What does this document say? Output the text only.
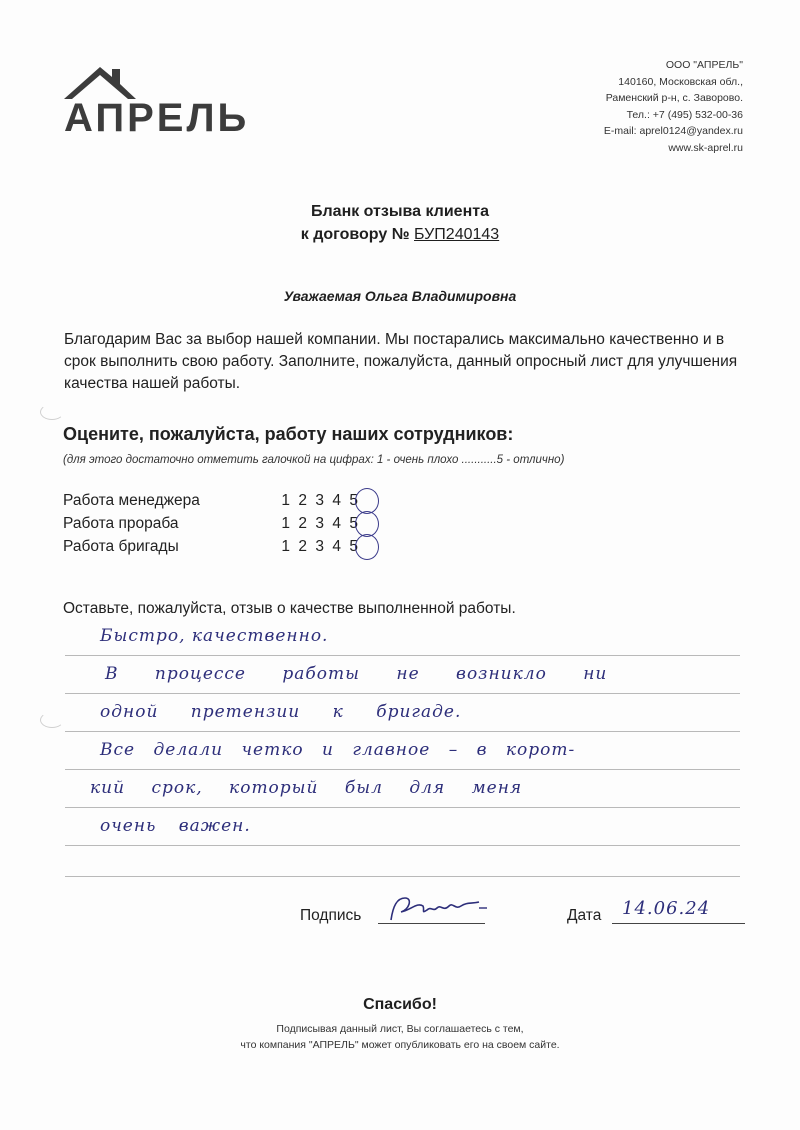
АПРЕЛЬ
ООО "АПРЕЛЬ"
140160, Московская обл.,
Раменский р-н, с. Заворово.
Тел.: +7 (495) 532-00-36
E-mail: aprel0124@yandex.ru
www.sk-aprel.ru
Бланк отзыва клиента
к договору № БУП240143
Уважаемая Ольга Владимировна
Благодарим Вас за выбор нашей компании. Мы постарались максимально качественно и в срок выполнить свою работу. Заполните, пожалуйста, данный опросный лист для улучшения качества нашей работы.
Оцените, пожалуйста, работу наших сотрудников:
(для этого достаточно отметить галочкой на цифрах: 1 - очень плохо ...........5 - отлично)
Работа менеджера	1 2 3 4 5
Работа прораба	1 2 3 4 5
Работа бригады	1 2 3 4 5
Оставьте, пожалуйста, отзыв о качестве выполненной работы.
Быстро, качественно.
В процессе работы не возникло ни
одной претензии к бригаде.
Все делали четко и главное – в корот-
кий срок, который был для меня
очень важен.
Подпись	Дата 14.06.24
Спасибо!
Подписывая данный лист, Вы соглашаетесь с тем,
что компания "АПРЕЛЬ" может опубликовать его на своем сайте.
